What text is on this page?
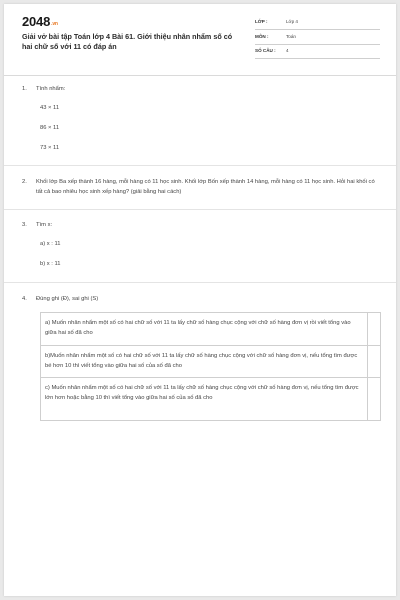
2048.vn
Giải vở bài tập Toán lớp 4 Bài 61. Giới thiệu nhân nhẩm số có hai chữ số với 11 có đáp án
LỚP :	Lớp 4
MÔN :	Toán
SỐ CÂU : 4
1. Tính nhẩm:
43 × 11
86 × 11
73 × 11
2. Khối lớp Ba xếp thành 16 hàng, mỗi hàng có 11 học sinh. Khối lớp Bốn xếp thành 14 hàng, mỗi hàng có 11 học sinh. Hỏi hai khối có tất cả bao nhiêu học sinh xếp hàng? (giải bằng hai cách)
3. Tìm x:
a) x : 11
b) x : 11
4. Đúng ghi (Đ), sai ghi (S)
a) Muốn nhân nhẩm một số có hai chữ số với 11 ta lấy chữ số hàng chục cộng với chữ số hàng đơn vị rồi viết tổng vào giữa hai số đã cho
b)Muốn nhân nhẩm một số có hai chữ số với 11 ta lấy chữ số hàng chục cộng với chữ số hàng đơn vị, nếu tổng tìm được bé hơn 10 thì viết tổng vào giữa hai số của số đã cho
c) Muốn nhân nhẩm một số có hai chữ số với 11 ta lấy chữ số hàng chục cộng với chữ số hàng đơn vị, nếu tổng tìm được lớn hơn hoặc bằng 10 thì viết tổng vào giữa hai số của số đã cho
